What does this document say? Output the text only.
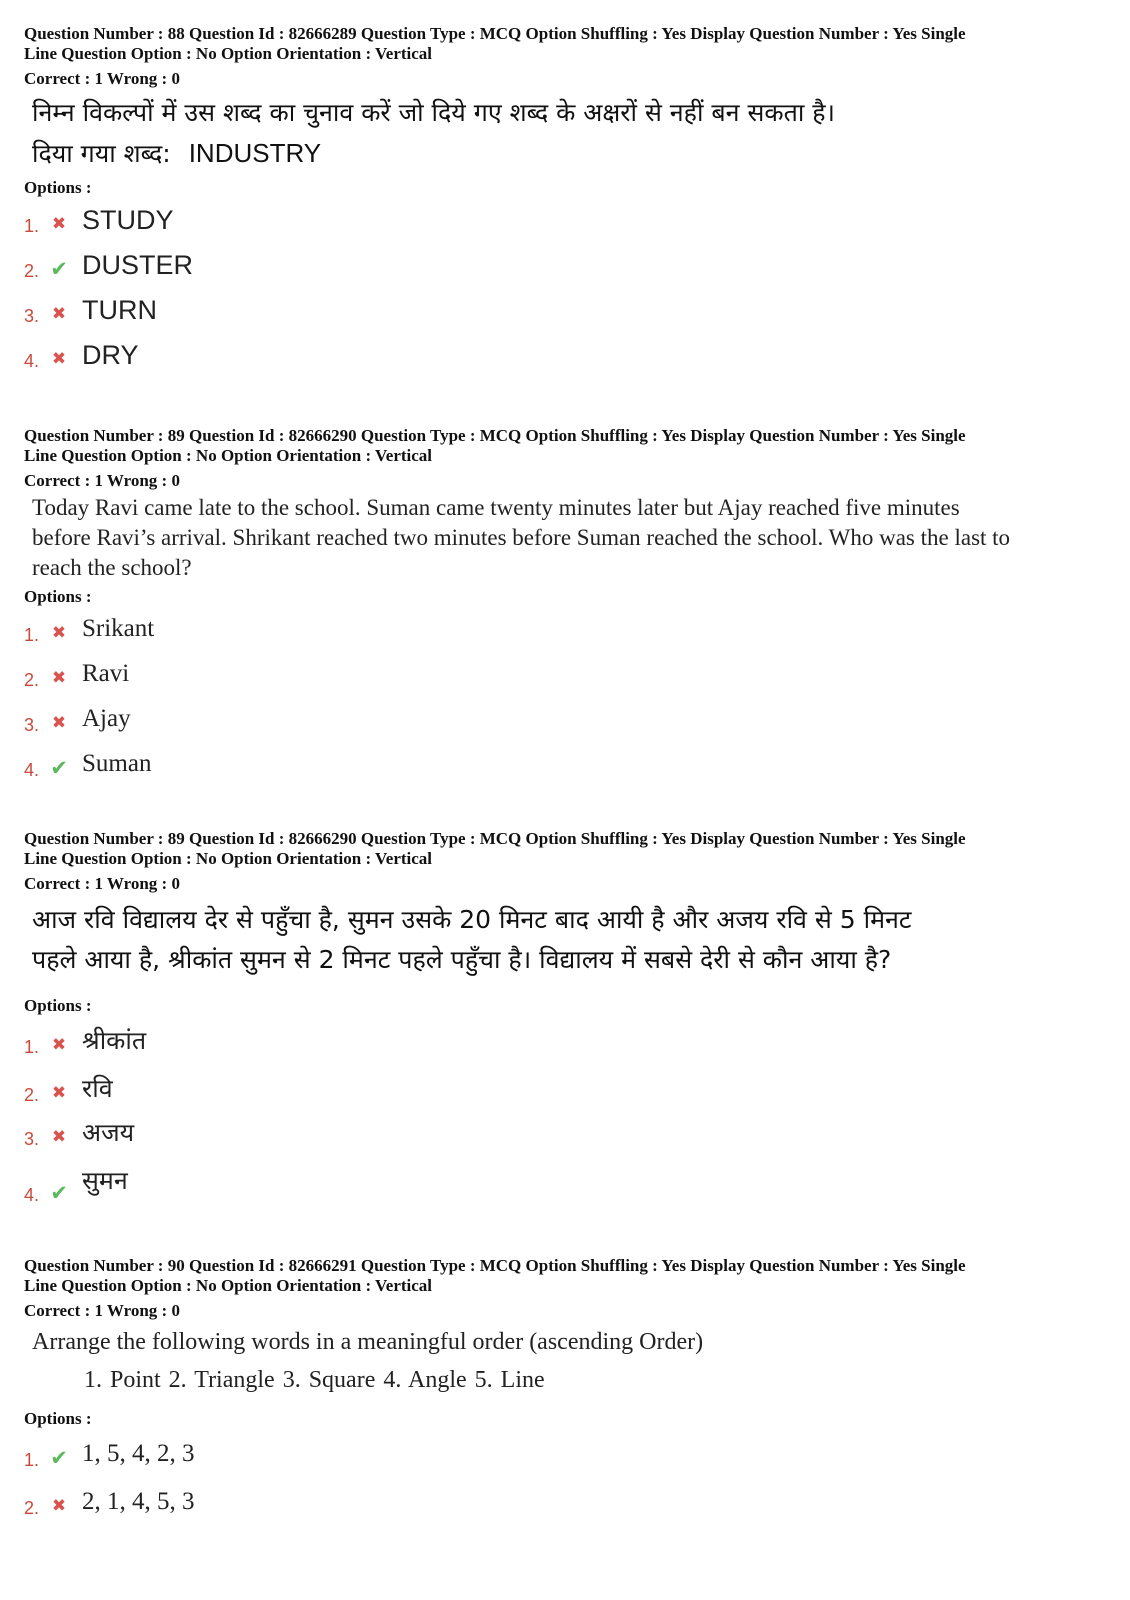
Question Number : 88 Question Id : 82666289 Question Type : MCQ Option Shuffling : Yes Display Question Number : Yes Single
Line Question Option : No Option Orientation : Vertical
Correct : 1 Wrong : 0
निम्न विकल्पों में उस शब्द का चुनाव करें जो दिये गए शब्द के अक्षरों से नहीं बन सकता है।
दिया गया शब्द: INDUSTRY
Options :
1. ✖ STUDY
2. ✔ DUSTER
3. ✖ TURN
4. ✖ DRY
Question Number : 89 Question Id : 82666290 Question Type : MCQ Option Shuffling : Yes Display Question Number : Yes Single
Line Question Option : No Option Orientation : Vertical
Correct : 1 Wrong : 0
Today Ravi came late to the school. Suman came twenty minutes later but Ajay reached five minutes
before Ravi’s arrival. Shrikant reached two minutes before Suman reached the school. Who was the last to
reach the school?
Options :
1. ✖ Srikant
2. ✖ Ravi
3. ✖ Ajay
4. ✔ Suman
Question Number : 89 Question Id : 82666290 Question Type : MCQ Option Shuffling : Yes Display Question Number : Yes Single
Line Question Option : No Option Orientation : Vertical
Correct : 1 Wrong : 0
आज रवि विद्यालय देर से पहुँचा है, सुमन उसके 20 मिनट बाद आयी है और अजय रवि से 5 मिनट
पहले आया है, श्रीकांत सुमन से 2 मिनट पहले पहुँचा है। विद्यालय में सबसे देरी से कौन आया है?
Options :
1. ✖ श्रीकांत
2. ✖ रवि
3. ✖ अजय
4. ✔ सुमन
Question Number : 90 Question Id : 82666291 Question Type : MCQ Option Shuffling : Yes Display Question Number : Yes Single
Line Question Option : No Option Orientation : Vertical
Correct : 1 Wrong : 0
Arrange the following words in a meaningful order (ascending Order)
1. Point 2. Triangle 3. Square 4. Angle 5. Line
Options :
1. ✔ 1, 5, 4, 2, 3
2. ✖ 2, 1, 4, 5, 3
